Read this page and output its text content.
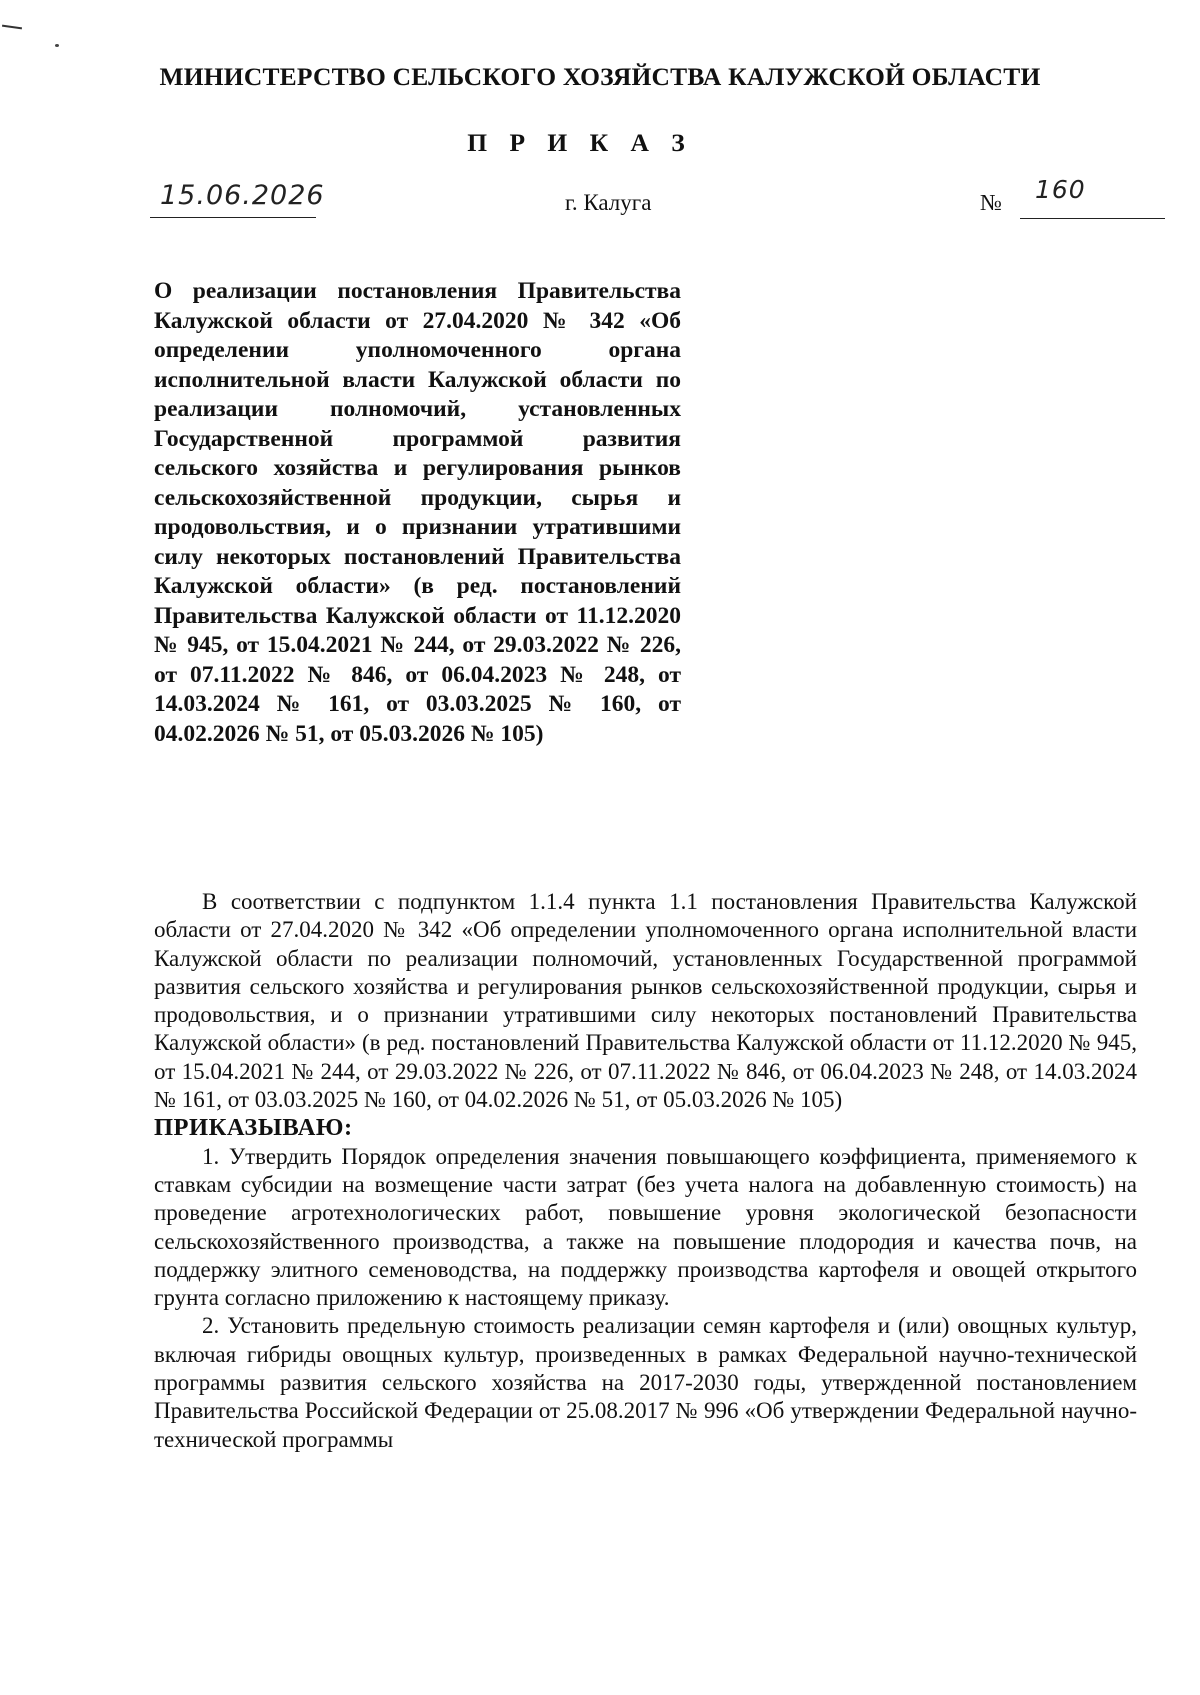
МИНИСТЕРСТВО СЕЛЬСКОГО ХОЗЯЙСТВА КАЛУЖСКОЙ ОБЛАСТИ
П Р И К А З
15.06.2026	г. Калуга	№ 160
О реализации постановления Правительства Калужской области от 27.04.2020 № 342 «Об определении уполномоченного органа исполнительной власти Калужской области по реализации полномочий, установленных Государственной программой развития сельского хозяйства и регулирования рынков сельскохозяйственной продукции, сырья и продовольствия, и о признании утратившими силу некоторых постановлений Правительства Калужской области» (в ред. постановлений Правительства Калужской области от 11.12.2020 № 945, от 15.04.2021 № 244, от 29.03.2022 № 226, от 07.11.2022 № 846, от 06.04.2023 № 248, от 14.03.2024 № 161, от 03.03.2025 № 160, от 04.02.2026 № 51, от 05.03.2026 № 105)

В соответствии с подпунктом 1.1.4 пункта 1.1 постановления Правительства Калужской области от 27.04.2020 № 342 «Об определении уполномоченного органа исполнительной власти Калужской области по реализации полномочий, установленных Государственной программой развития сельского хозяйства и регулирования рынков сельскохозяйственной продукции, сырья и продовольствия, и о признании утратившими силу некоторых постановлений Правительства Калужской области» (в ред. постановлений Правительства Калужской области от 11.12.2020 № 945, от 15.04.2021 № 244, от 29.03.2022 № 226, от 07.11.2022 № 846, от 06.04.2023 № 248, от 14.03.2024 № 161, от 03.03.2025 № 160, от 04.02.2026 № 51, от 05.03.2026 № 105)

ПРИКАЗЫВАЮ:

1. Утвердить Порядок определения значения повышающего коэффициента, применяемого к ставкам субсидии на возмещение части затрат (без учета налога на добавленную стоимость) на проведение агротехнологических работ, повышение уровня экологической безопасности сельскохозяйственного производства, а также на повышение плодородия и качества почв, на поддержку элитного семеноводства, на поддержку производства картофеля и овощей открытого грунта согласно приложению к настоящему приказу.

2. Установить предельную стоимость реализации семян картофеля и (или) овощных культур, включая гибриды овощных культур, произведенных в рамках Федеральной научно-технической программы развития сельского хозяйства на 2017-2030 годы, утвержденной постановлением Правительства Российской Федерации от 25.08.2017 № 996 «Об утверждении Федеральной научно-технической программы
